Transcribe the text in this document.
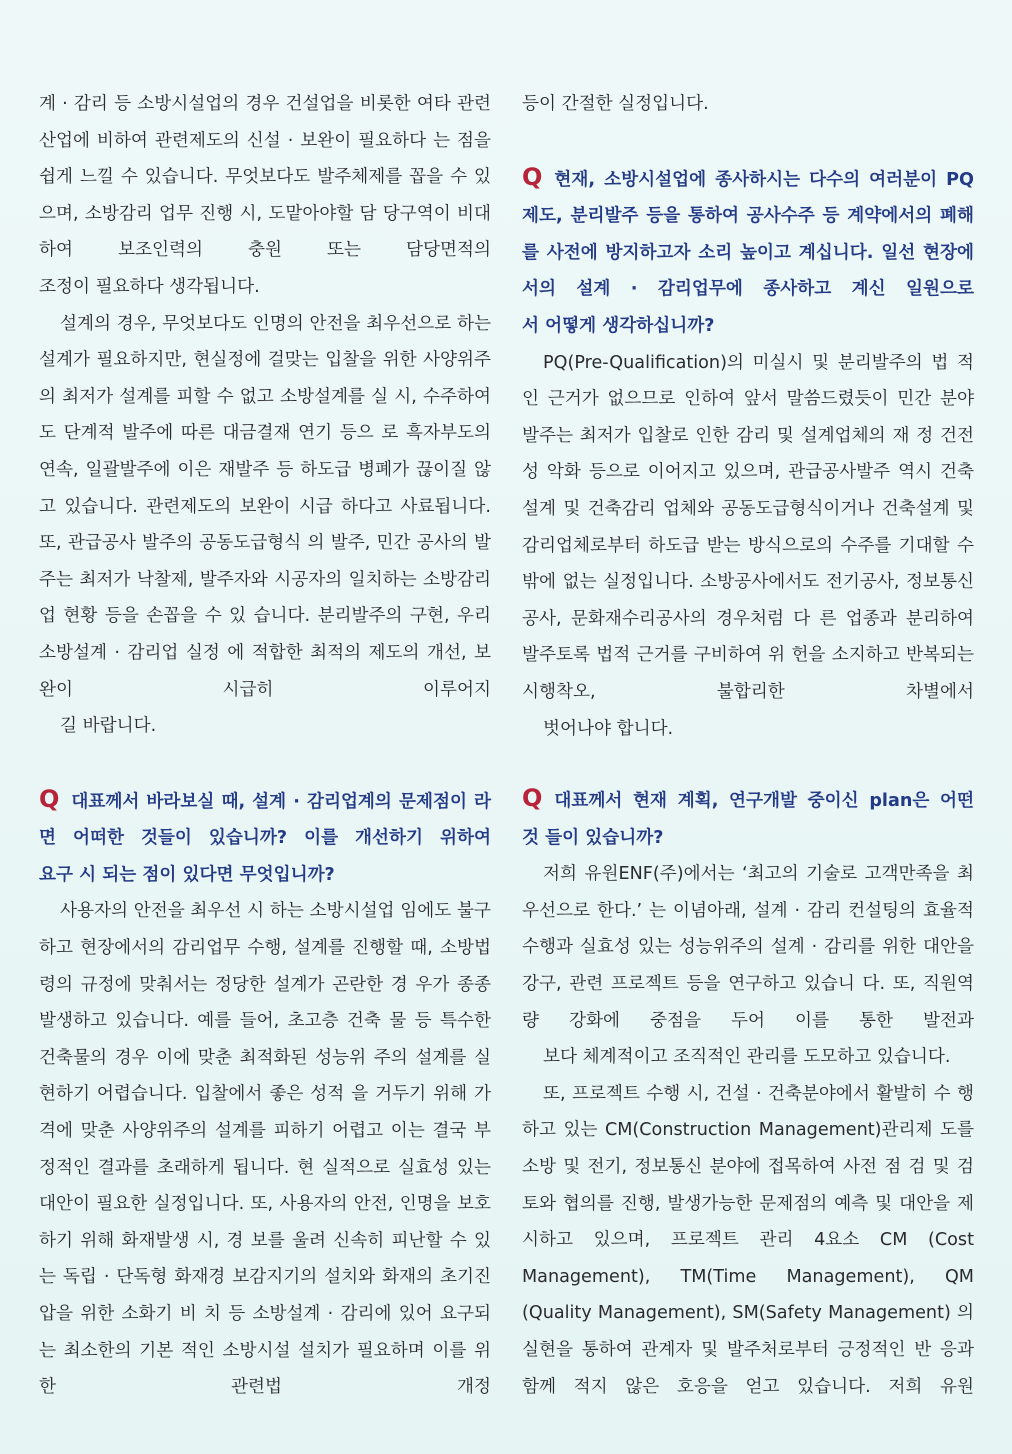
계 · 감리 등 소방시설업의 경우 건설업을 비롯한 여타 관련 산업에 비하여 관련제도의 신설 · 보완이 필요하다 는 점을 쉽게 느낄 수 있습니다. 무엇보다도 발주체제를 꼽을 수 있으며, 소방감리 업무 진행 시, 도맡아야할 담 당구역이 비대하여 보조인력의 충원 또는 담당면적의
조정이 필요하다 생각됩니다.

설계의 경우, 무엇보다도 인명의 안전을 최우선으로 하는 설계가 필요하지만, 현실정에 걸맞는 입찰을 위한 사양위주의 최저가 설계를 피할 수 없고 소방설계를 실 시, 수주하여도 단계적 발주에 따른 대금결재 연기 등으 로 흑자부도의 연속, 일괄발주에 이은 재발주 등 하도급 병폐가 끊이질 않고 있습니다. 관련제도의 보완이 시급 하다고 사료됩니다. 또, 관급공사 발주의 공동도급형식 의 발주, 민간 공사의 발주는 최저가 낙찰제, 발주자와 시공자의 일치하는 소방감리업 현황 등을 손꼽을 수 있 습니다. 분리발주의 구현, 우리 소방설계 · 감리업 실정 에 적합한 최적의 제도의 개선, 보완이 시급히 이루어지
길 바랍니다.

Q 대표께서 바라보실 때, 설계 · 감리업계의 문제점이 라면 어떠한 것들이 있습니까? 이를 개선하기 위하여
요구 시 되는 점이 있다면 무엇입니까?

사용자의 안전을 최우선 시 하는 소방시설업 임에도 불구하고 현장에서의 감리업무 수행, 설계를 진행할 때, 소방법령의 규정에 맞춰서는 정당한 설계가 곤란한 경 우가 종종 발생하고 있습니다. 예를 들어, 초고층 건축 물 등 특수한 건축물의 경우 이에 맞춘 최적화된 성능위 주의 설계를 실현하기 어렵습니다. 입찰에서 좋은 성적 을 거두기 위해 가격에 맞춘 사양위주의 설계를 피하기 어렵고 이는 결국 부정적인 결과를 초래하게 됩니다. 현 실적으로 실효성 있는 대안이 필요한 실정입니다. 또, 사용자의 안전, 인명을 보호하기 위해 화재발생 시, 경 보를 울려 신속히 피난할 수 있는 독립 · 단독형 화재경 보감지기의 설치와 화재의 초기진압을 위한 소화기 비 치 등 소방설계 · 감리에 있어 요구되는 최소한의 기본 적인 소방시설 설치가 필요하며 이를 위한 관련법 개정

등이 간절한 실정입니다.

Q 현재, 소방시설업에 종사하시는 다수의 여러분이 PQ제도, 분리발주 등을 통하여 공사수주 등 계약에서의 폐해를 사전에 방지하고자 소리 높이고 계십니다. 일선 현장에서의 설계 · 감리업무에 종사하고 계신 일원으로
서 어떻게 생각하십니까?

PQ(Pre-Qualification)의 미실시 및 분리발주의 법 적인 근거가 없으므로 인하여 앞서 말씀드렸듯이 민간 분야 발주는 최저가 입찰로 인한 감리 및 설계업체의 재 정 건전성 악화 등으로 이어지고 있으며, 관급공사발주 역시 건축설계 및 건축감리 업체와 공동도급형식이거나 건축설계 및 감리업체로부터 하도급 받는 방식으로의 수주를 기대할 수밖에 없는 실정입니다. 소방공사에서도 전기공사, 정보통신공사, 문화재수리공사의 경우처럼 다 른 업종과 분리하여 발주토록 법적 근거를 구비하여 위 헌을 소지하고 반복되는 시행착오, 불합리한 차별에서
벗어나야 합니다.

Q 대표께서 현재 계획, 연구개발 중이신 plan은 어떤
것 들이 있습니까?

저희 유원ENF(주)에서는 ‘최고의 기술로 고객만족을 최우선으로 한다.’ 는 이념아래, 설계 · 감리 컨설팅의 효율적 수행과 실효성 있는 성능위주의 설계 · 감리를 위한 대안을 강구, 관련 프로젝트 등을 연구하고 있습니 다. 또, 직원역량 강화에 중점을 두어 이를 통한 발전과
보다 체계적이고 조직적인 관리를 도모하고 있습니다.

또, 프로젝트 수행 시, 건설 · 건축분야에서 활발히 수 행하고 있는 CM(Construction Management)관리제 도를 소방 및 전기, 정보통신 분야에 접목하여 사전 점 검 및 검토와 협의를 진행, 발생가능한 문제점의 예측 및 대안을 제시하고 있으며, 프로젝트 관리 4요소 CM (Cost Management), TM(Time Management), QM (Quality Management), SM(Safety Management) 의 실현을 통하여 관계자 및 발주처로부터 긍정적인 반 응과 함께 적지 않은 호응을 얻고 있습니다. 저희 유원
